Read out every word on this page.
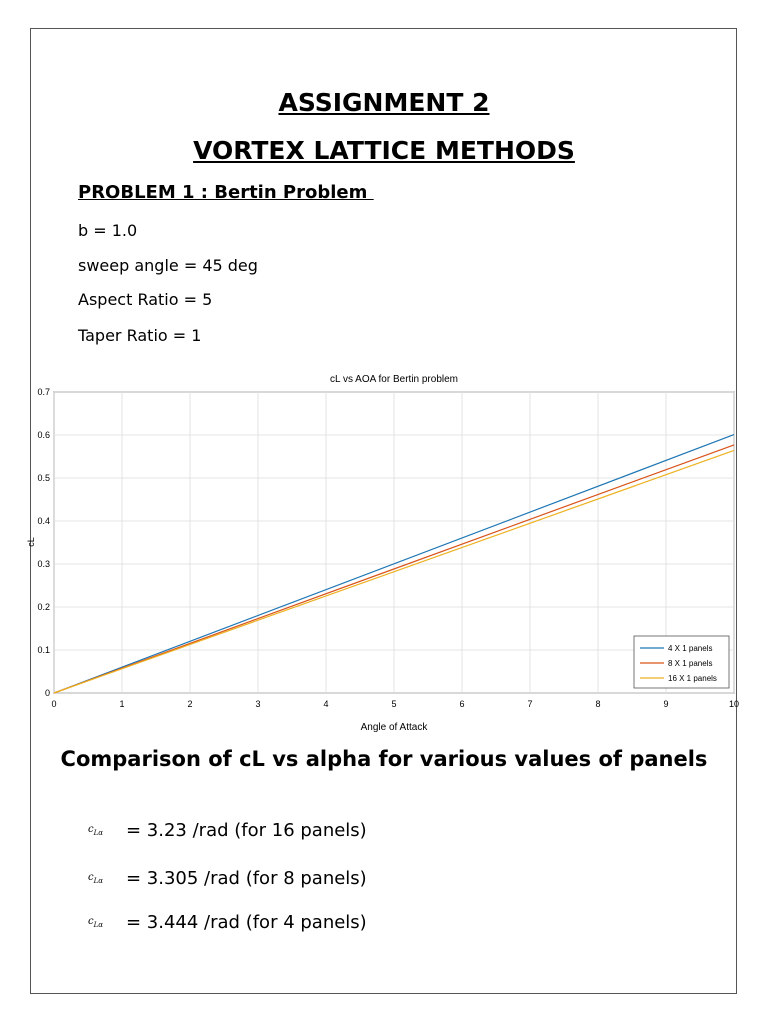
ASSIGNMENT 2
VORTEX LATTICE METHODS
PROBLEM 1 : Bertin Problem
b = 1.0
sweep angle = 45 deg
Aspect Ratio = 5
Taper Ratio = 1
0	1	2	3	4	5	6	7	8	9	10
0
0.1
0.2
0.3
0.4
0.5
0.6
0.7
cL vs AOA for Bertin problem
Angle of Attack
cL
4 X 1 panels
8 X 1 panels
16 X 1 panels
Comparison of cL vs alpha for various values of panels
$c_{L\alpha} = 3.23$ /rad (for 16 panels)
$c_{L\alpha} = 3.305$ /rad (for 8 panels)
$c_{L\alpha} = 3.444$ /rad (for 4 panels)
